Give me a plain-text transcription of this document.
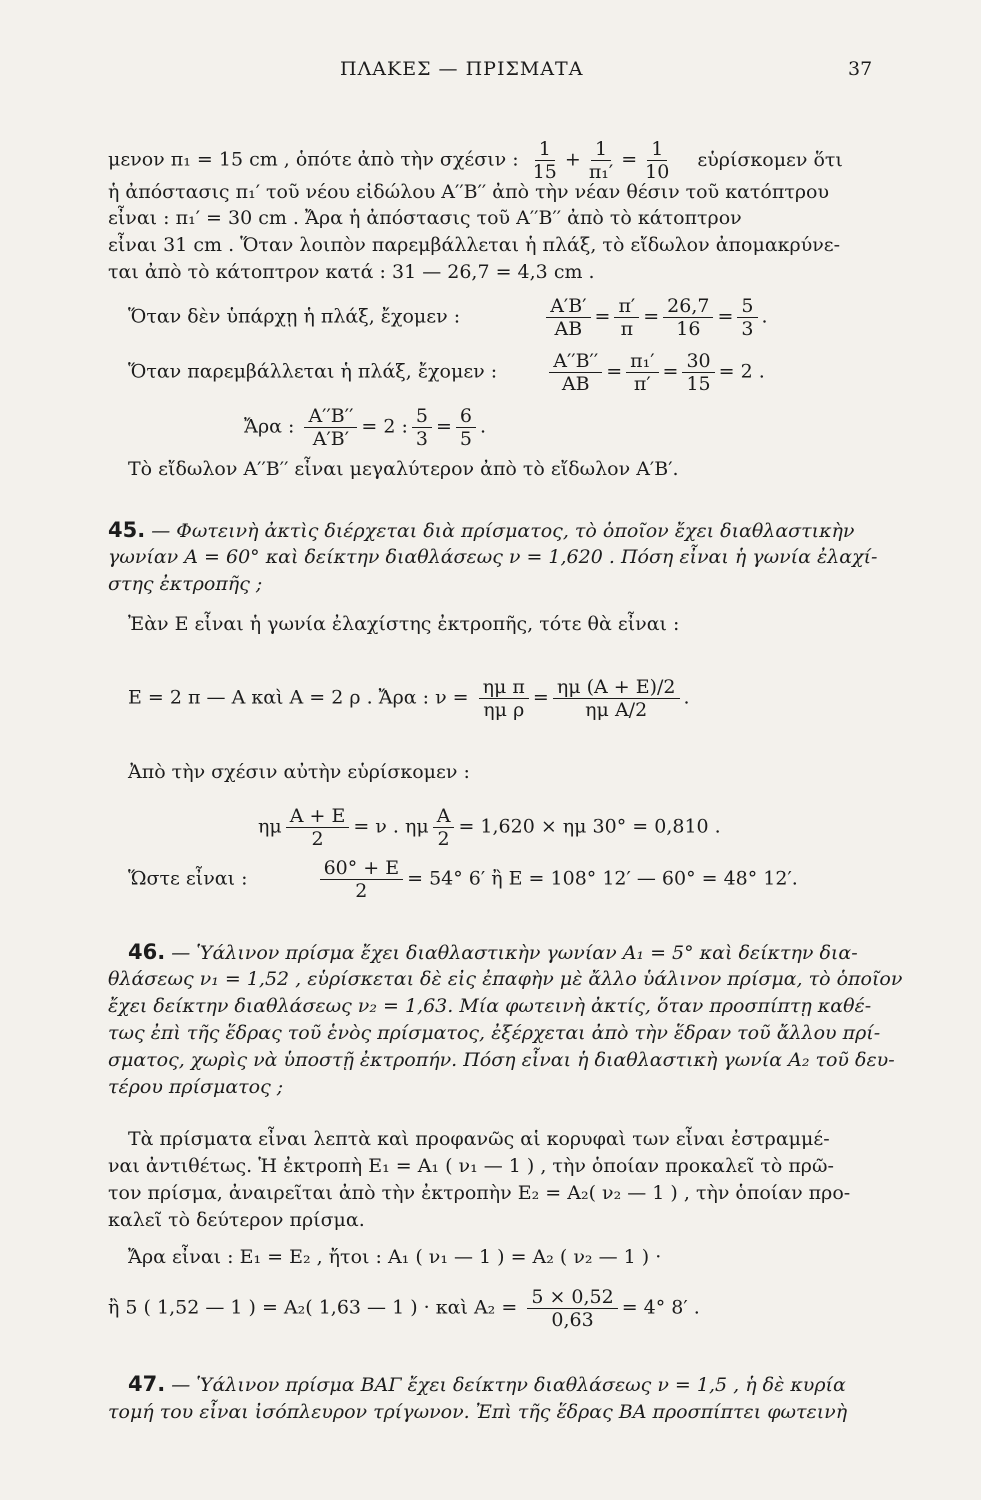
ΠΛΑΚΕΣ — ΠΡΙΣΜΑΤΑ	37
μενον π₁ = 15 cm , ὁπότε ἀπὸ τὴν σχέσιν : $\frac{1}{15} + \frac{1}{\text{π₁′}} = \frac{1}{10}$ εὑρίσκομεν ὅτι
ἡ ἀπόστασις π₁′ τοῦ νέου εἰδώλου Α′′Β′′ ἀπὸ τὴν νέαν θέσιν τοῦ κατόπτρου
εἶναι : π₁′ = 30 cm . Ἄρα ἡ ἀπόστασις τοῦ Α′′Β′′ ἀπὸ τὸ κάτοπτρον
εἶναι 31 cm . Ὅταν λοιπὸν παρεμβάλλεται ἡ πλάξ, τὸ εἴδωλον ἀπομακρύνε-
ται ἀπὸ τὸ κάτοπτρον κατά : 31 — 26,7 = 4,3 cm .
Ὅταν δὲν ὑπάρχῃ ἡ πλάξ, ἔχομεν :	$\frac{A'B'}{AB} = \frac{\pi'}{\pi} = \frac{26,7}{16} = \frac{5}{3}$ .
Ὅταν παρεμβάλλεται ἡ πλάξ, ἔχομεν :	$\frac{A''B''}{AB} = \frac{\text{π₁′}}{\pi'} = \frac{30}{15} = 2$ .
Ἄρα : $\frac{A''B''}{A'B'} = 2$ : $\frac{5}{3} = \frac{6}{5}$ .
Τὸ εἴδωλον Α′′Β′′ εἶναι μεγαλύτερον ἀπὸ τὸ εἴδωλον Α′Β′.
45. — Φωτεινὴ ἀκτὶς διέρχεται διὰ πρίσματος, τὸ ὁποῖον ἔχει διαθλαστικὴν
γωνίαν Α = 60° καὶ δείκτην διαθλάσεως ν = 1,620 . Πόση εἶναι ἡ γωνία ἐλαχί-
στης ἐκτροπῆς ;
Ἐὰν Ε εἶναι ἡ γωνία ἐλαχίστης ἐκτροπῆς, τότε θὰ εἶναι :
Ε = 2 π — Α καὶ Α = 2 ρ . Ἄρα : $\nu = \frac{\text{ημ π}}{\text{ημ ρ}} = \frac{\eta\mu (A + E)/2}{\text{ημ Α/2}}$ .
Ἀπὸ τὴν σχέσιν αὐτὴν εὑρίσκομεν :
ημ $\frac{A + E}{2} = \nu$ . ημ $\frac{A}{2} = 1,620 \times \eta\mu$ 30° = 0,810 .
Ὥστε εἶναι :	$\frac{60^\circ + E}{2} = 54^\circ$ 6′ ἢ Ε = 108° 12′ — 60° = 48° 12′.
46. — Ὑάλινον πρίσμα ἔχει διαθλαστικὴν γωνίαν Α₁ = 5° καὶ δείκτην δια-
θλάσεως ν₁ = 1,52 , εὑρίσκεται δὲ εἰς ἐπαφὴν μὲ ἄλλο ὑάλινον πρίσμα, τὸ ὁποῖον
ἔχει δείκτην διαθλάσεως ν₂ = 1,63. Μία φωτεινὴ ἀκτίς, ὅταν προσπίπτῃ καθέ-
τως ἐπὶ τῆς ἕδρας τοῦ ἑνὸς πρίσματος, ἐξέρχεται ἀπὸ τὴν ἕδραν τοῦ ἄλλου πρί-
σματος, χωρὶς νὰ ὑποστῇ ἐκτροπήν. Πόση εἶναι ἡ διαθλαστικὴ γωνία Α₂ τοῦ δευ-
τέρου πρίσματος ;
Τὰ πρίσματα εἶναι λεπτὰ καὶ προφανῶς αἱ κορυφαὶ των εἶναι ἐστραμμέ-
ναι ἀντιθέτως. Ἡ ἐκτροπὴ Ε₁ = Α₁ ( ν₁ — 1 ) , τὴν ὁποίαν προκαλεῖ τὸ πρῶ-
τον πρίσμα, ἀναιρεῖται ἀπὸ τὴν ἐκτροπὴν Ε₂ = Α₂( ν₂ — 1 ) , τὴν ὁποίαν προ-
καλεῖ τὸ δεύτερον πρίσμα.
Ἄρα εἶναι : Ε₁ = Ε₂ , ἤτοι : Α₁ ( ν₁ — 1 ) = Α₂ ( ν₂ — 1 ) ·
ἢ 5 ( 1,52 — 1 ) = Α₂( 1,63 — 1 ) · καὶ $A_2 = \frac{5 \times 0,52}{0,63} = 4^\circ$ 8′ .
47. — Ὑάλινον πρίσμα ΒΑΓ ἔχει δείκτην διαθλάσεως ν = 1,5 , ἡ δὲ κυρία
τομή του εἶναι ἰσόπλευρον τρίγωνον. Ἐπὶ τῆς ἕδρας ΒΑ προσπίπτει φωτεινὴ
